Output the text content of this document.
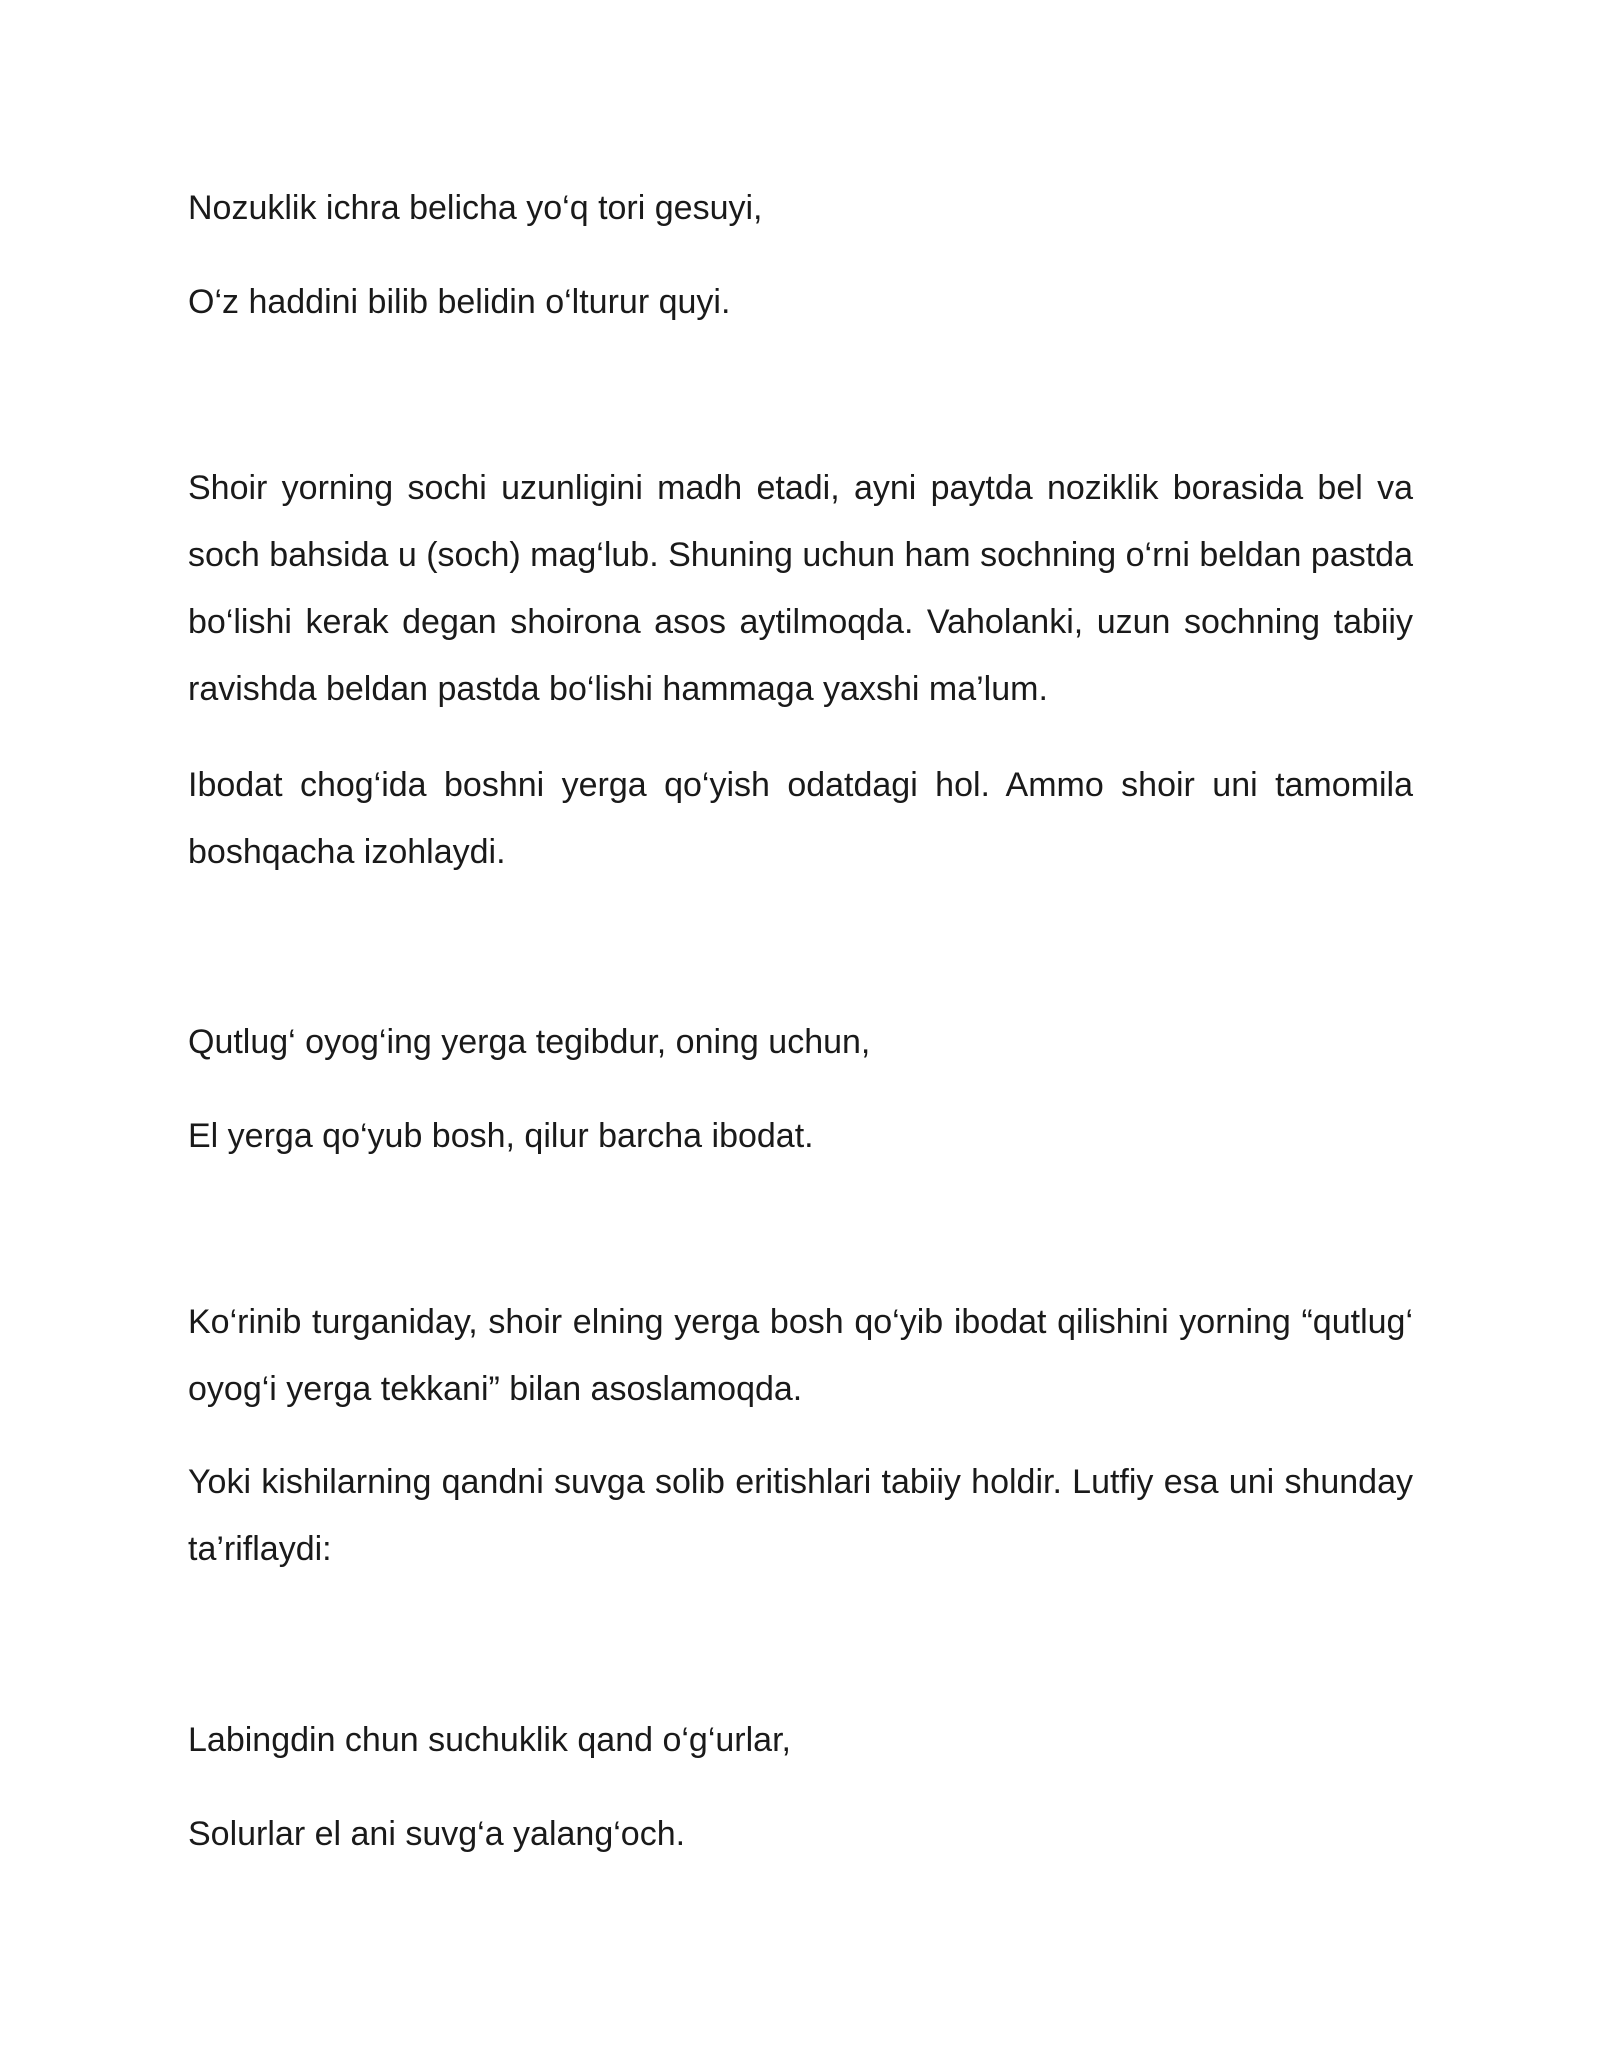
Nozuklik ichra belicha yo‘q tori gesuyi,

O‘z haddini bilib belidin o‘lturur quyi.

Shoir yorning sochi uzunligini madh etadi, ayni paytda noziklik borasida bel va soch bahsida u (soch) mag‘lub. Shuning uchun ham sochning o‘rni beldan pastda bo‘lishi kerak degan shoirona asos aytilmoqda. Vaholanki, uzun sochning tabiiy ravishda beldan pastda bo‘lishi hammaga yaxshi ma’lum.

Ibodat chog‘ida boshni yerga qo‘yish odatdagi hol. Ammo shoir uni tamomila boshqacha izohlaydi.

Qutlug‘ oyog‘ing yerga tegibdur, oning uchun,

El yerga qo‘yub bosh, qilur barcha ibodat.

Ko‘rinib turganiday, shoir elning yerga bosh qo‘yib ibodat qilishini yorning “qutlug‘ oyog‘i yerga tekkani” bilan asoslamoqda.

Yoki kishilarning qandni suvga solib eritishlari tabiiy holdir. Lutfiy esa uni shunday ta’riflaydi:

Labingdin chun suchuklik qand o‘g‘urlar,

Solurlar el ani suvg‘a yalang‘och.
